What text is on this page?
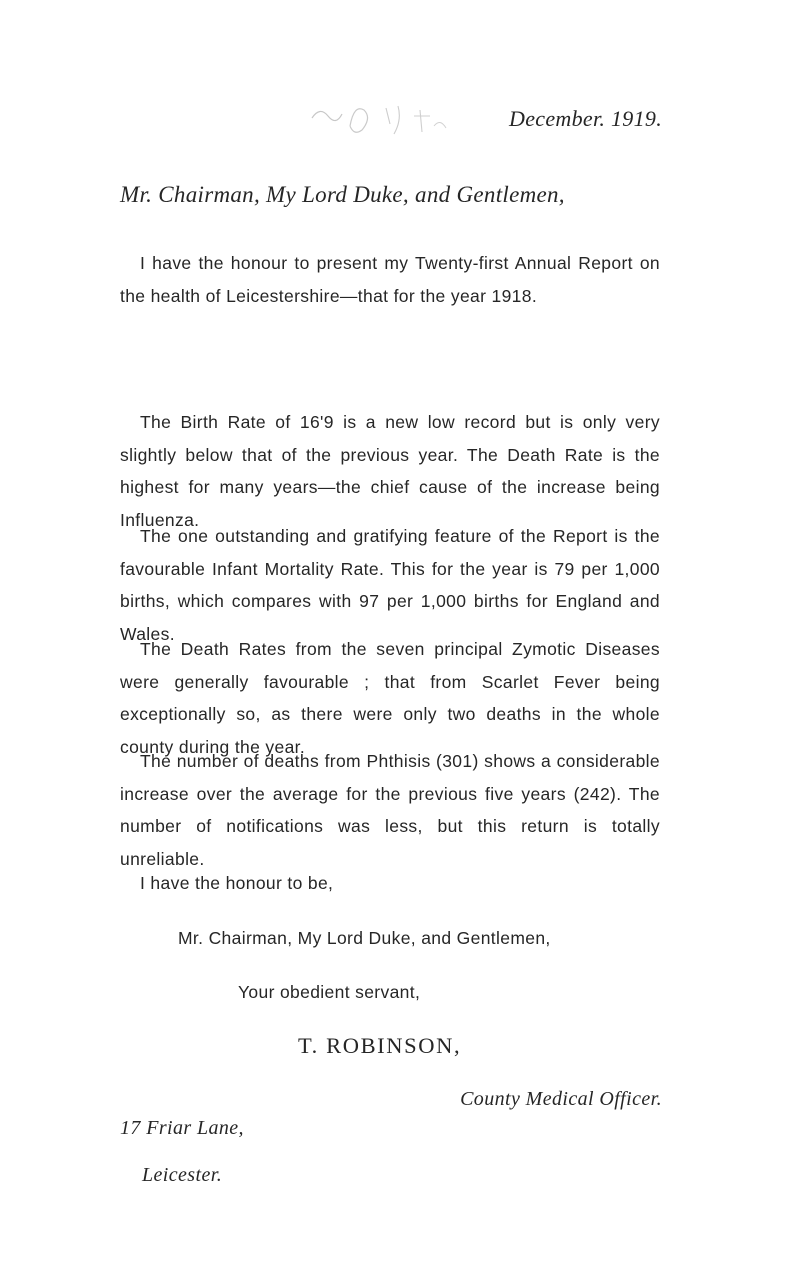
December. 1919.
Mr. Chairman, My Lord Duke, and Gentlemen,

I have the honour to present my Twenty-first Annual Report on the health of Leicestershire—that for the year 1918.

The Birth Rate of 16'9 is a new low record but is only very slightly below that of the previous year. The Death Rate is the highest for many years—the chief cause of the increase being Influenza.

The one outstanding and gratifying feature of the Report is the favourable Infant Mortality Rate. This for the year is 79 per 1,000 births, which compares with 97 per 1,000 births for England and Wales.

The Death Rates from the seven principal Zymotic Diseases were generally favourable ; that from Scarlet Fever being exceptionally so, as there were only two deaths in the whole county during the year.

The number of deaths from Phthisis (301) shows a considerable increase over the average for the previous five years (242). The number of notifications was less, but this return is totally unreliable.

I have the honour to be,
Mr. Chairman, My Lord Duke, and Gentlemen,
Your obedient servant,
T. ROBINSON,
County Medical Officer.
17 Friar Lane,
Leicester.
